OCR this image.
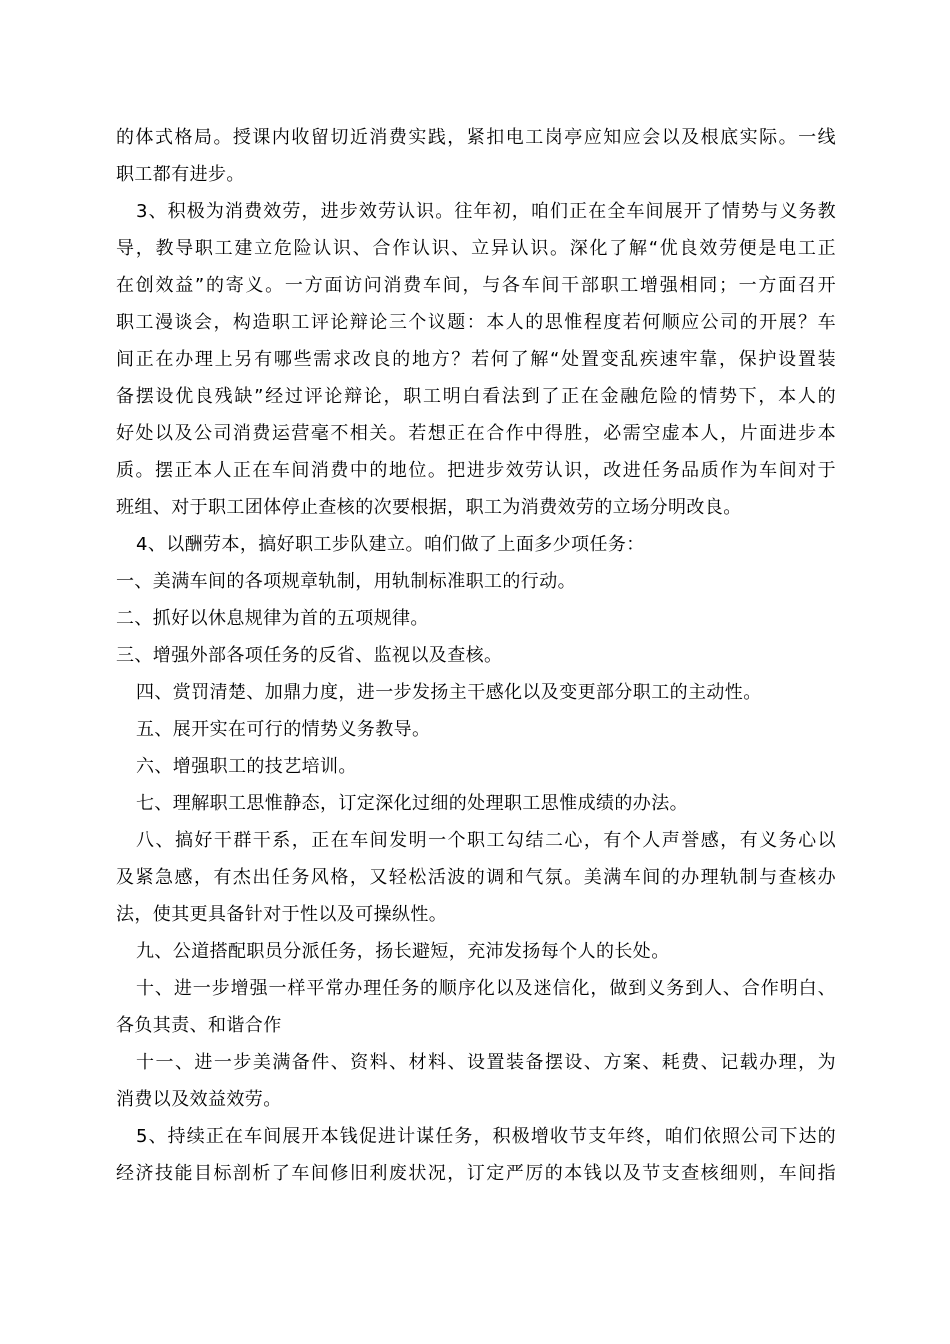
的体式格局。授课内收留切近消费实践，紧扣电工岗亭应知应会以及根底实际。一线
职工都有进步。
3、积极为消费效劳，进步效劳认识。往年初，咱们正在全车间展开了情势与义务教
导，教导职工建立危险认识、合作认识、立异认识。深化了解“优良效劳便是电工正
在创效益”的寄义。一方面访问消费车间，与各车间干部职工增强相同；一方面召开
职工漫谈会，构造职工评论辩论三个议题：本人的思惟程度若何顺应公司的开展？车
间正在办理上另有哪些需求改良的地方？若何了解“处置变乱疾速牢靠，保护设置装
备摆设优良残缺”经过评论辩论，职工明白看法到了正在金融危险的情势下，本人的
好处以及公司消费运营毫不相关。若想正在合作中得胜，必需空虚本人，片面进步本
质。摆正本人正在车间消费中的地位。把进步效劳认识，改进任务品质作为车间对于
班组、对于职工团体停止查核的次要根据，职工为消费效劳的立场分明改良。
4、以酬劳本，搞好职工步队建立。咱们做了上面多少项任务：
一、美满车间的各项规章轨制，用轨制标准职工的行动。
二、抓好以休息规律为首的五项规律。
三、增强外部各项任务的反省、监视以及查核。
四、赏罚清楚、加鼎力度，进一步发扬主干感化以及变更部分职工的主动性。
五、展开实在可行的情势义务教导。
六、增强职工的技艺培训。
七、理解职工思惟静态，订定深化过细的处理职工思惟成绩的办法。
八、搞好干群干系，正在车间发明一个职工勾结二心，有个人声誉感，有义务心以
及紧急感，有杰出任务风格，又轻松活波的调和气氛。美满车间的办理轨制与查核办
法，使其更具备针对于性以及可操纵性。
九、公道搭配职员分派任务，扬长避短，充沛发扬每个人的长处。
十、进一步增强一样平常办理任务的顺序化以及迷信化，做到义务到人、合作明白、
各负其责、和谐合作
十一、进一步美满备件、资料、材料、设置装备摆设、方案、耗费、记载办理，为
消费以及效益效劳。
5、持续正在车间展开本钱促进计谋任务，积极增收节支年终，咱们依照公司下达的
经济技能目标剖析了车间修旧利废状况，订定严厉的本钱以及节支查核细则，车间指
